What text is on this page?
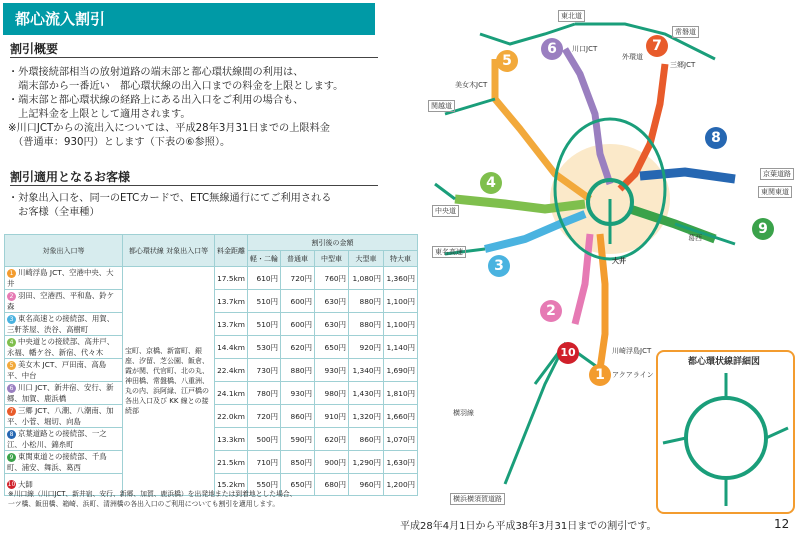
都心流入割引
割引概要

・外環接続部相当の放射道路の端末部と都心環状線間の利用は、

　端末部から一番近い　都心環状線の出入口までの料金を上限とします。

・端末部と都心環状線の経路上にある出入口をご利用の場合も、

　上記料金を上限として適用されます。

※川口JCTからの流出入については、平成28年3月31日までの上限料金

　（普通車：930円）とします（下表の⑥参照）。

割引適用となるお客様

・対象出入口を、同一のETCカードで、ETC無線通行にてご利用される

　お客様（全車種）

対象出入口等	都心環状線 対象出入口等	料金距離	割引後の金額				
			軽・二輪	普通車	中型車	大型車	特大車
1 川崎浮島 JCT、空港中央、大井	宝町、京橋、新富町、銀座、汐留、芝公園、飯倉、霞が関、代官町、北の丸、神田橋、常盤橋、八重洲、丸の内、浜阿縁、江戸橋の各出入口及び KK 線との接続部	17.5km	610円	720円	760円	1,080円	1,360円
2 羽田、空港西、平和島、鈴ケ森		13.7km	510円	600円	630円	880円	1,100円
3 東名高速との接続部、用賀、三軒茶屋、渋谷、高樹町		13.7km	510円	600円	630円	880円	1,100円
4 中央道との接続部、高井戸、永福、幡ケ谷、新宿、代々木		14.4km	530円	620円	650円	920円	1,140円
5 美女木 JCT、戸田南、高島平、中台		22.4km	730円	880円	930円	1,340円	1,690円
6 川口 JCT、新井宿、安行、新郷、加賀、鹿浜橋		24.1km	780円	930円	980円	1,430円	1,810円
7 三郷 JCT、八潮、八潮南、加平、小菅、堀切、向島		22.0km	720円	860円	910円	1,320円	1,660円
8 京葉道路との接続部、一之江、小松川、錦糸町		13.3km	500円	590円	620円	860円	1,070円
9 東関東道との接続部、千鳥町、浦安、舞浜、葛西		21.5km	710円	850円	900円	1,290円	1,630円
10 大師		15.2km	550円	650円	680円	960円	1,200円
※川口線（川口JCT、新井宿、安行、新郷、加賀、鹿浜橋）を出発地または到着地とした場合、
一ツ橋、飯田橋、箱崎、浜町、清洲橋の各出入口のご利用についても割引を適用します。
東北道
常磐道
外環道
関越道
中央道
東名高速
京葉道路
東関東道
横羽線
横浜横須賀道路
アクアライン
美女木JCT
川口JCT
三郷JCT
川崎浮島JCT
大井
葛西
5
6	7
4
3
8
9
2
1
10
都心環状線詳細図
平成28年4月1日から平成38年3月31日までの割引です。	12
